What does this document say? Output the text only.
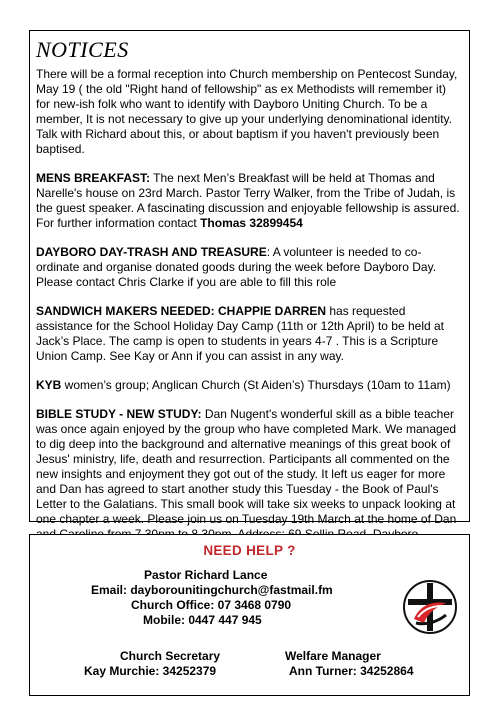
NOTICES

There will be a formal reception into Church membership on Pentecost Sunday, May 19 ( the old "Right hand of fellowship" as ex Methodists will remember it) for new-ish folk who want to identify with Dayboro Uniting Church. To be a member, It is not necessary to give up your underlying denominational identity. Talk with Richard about this, or about baptism if you haven't previously been baptised.

MENS BREAKFAST: The next Men’s Breakfast will be held at Thomas and Narelle's house on 23rd March. Pastor Terry Walker, from the Tribe of Judah, is the guest speaker. A fascinating discussion and enjoyable fellowship is assured. For further information contact Thomas 32899454

DAYBORO DAY-TRASH AND TREASURE: A volunteer is needed to co-ordinate and organise donated goods during the week before Dayboro Day. Please contact Chris Clarke if you are able to fill this role

SANDWICH MAKERS NEEDED: CHAPPIE DARREN has requested assistance for the School Holiday Day Camp (11th or 12th April) to be held at Jack’s Place. The camp is open to students in years 4-7 . This is a Scripture Union Camp. See Kay or Ann if you can assist in any way.

KYB women’s group; Anglican Church (St Aiden’s) Thursdays (10am to 11am)

BIBLE STUDY - NEW STUDY: Dan Nugent's wonderful skill as a bible teacher was once again enjoyed by the group who have completed Mark. We managed to dig deep into the background and alternative meanings of this great book of Jesus' ministry, life, death and resurrection. Participants all commented on the new insights and enjoyment they got out of the study. It left us eager for more and Dan has agreed to start another study this Tuesday - the Book of Paul's Letter to the Galatians. This small book will take six weeks to unpack looking at one chapter a week. Please join us on Tuesday 19th March at the home of Dan

NEED HELP ?
Pastor Richard Lance
Email: dayborounitingchurch@fastmail.fm
Church Office: 07 3468 0790
Mobile: 0447 447 945
Church Secretary
Kay Murchie: 34252379
Welfare Manager
Ann Turner: 34252864
